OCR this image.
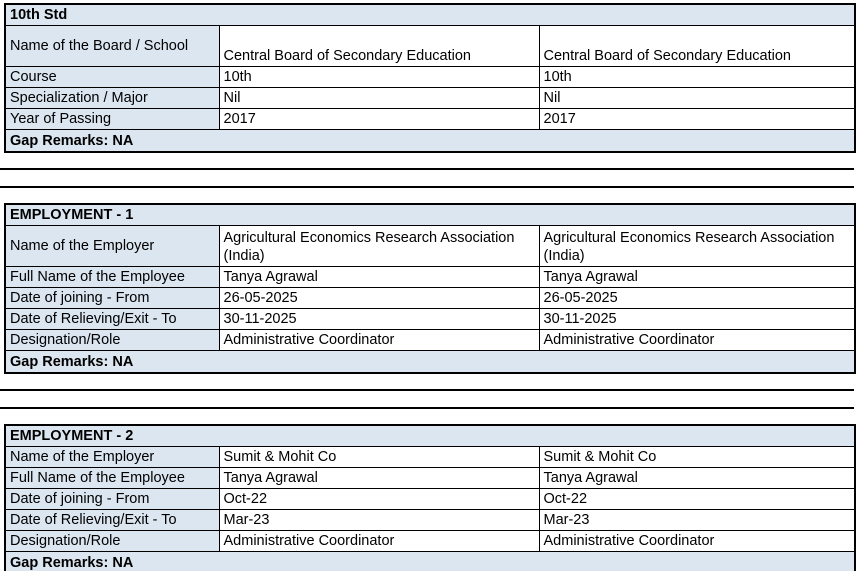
10th Std		
Name of the Board / School	Central Board of Secondary Education	Central Board of Secondary Education
Course	10th	10th
Specialization / Major	Nil	Nil
Year of Passing	2017	2017
Gap Remarks: NA		
EMPLOYMENT - 1		
Name of the Employer	Agricultural Economics Research Association (India)	Agricultural Economics Research Association (India)
Full Name of the Employee	Tanya Agrawal	Tanya Agrawal
Date of joining - From	26-05-2025	26-05-2025
Date of Relieving/Exit - To	30-11-2025	30-11-2025
Designation/Role	Administrative Coordinator	Administrative Coordinator
Gap Remarks: NA		
EMPLOYMENT - 2		
Name of the Employer	Sumit & Mohit Co	Sumit & Mohit Co
Full Name of the Employee	Tanya Agrawal	Tanya Agrawal
Date of joining - From	Oct-22	Oct-22
Date of Relieving/Exit - To	Mar-23	Mar-23
Designation/Role	Administrative Coordinator	Administrative Coordinator
Gap Remarks: NA		
